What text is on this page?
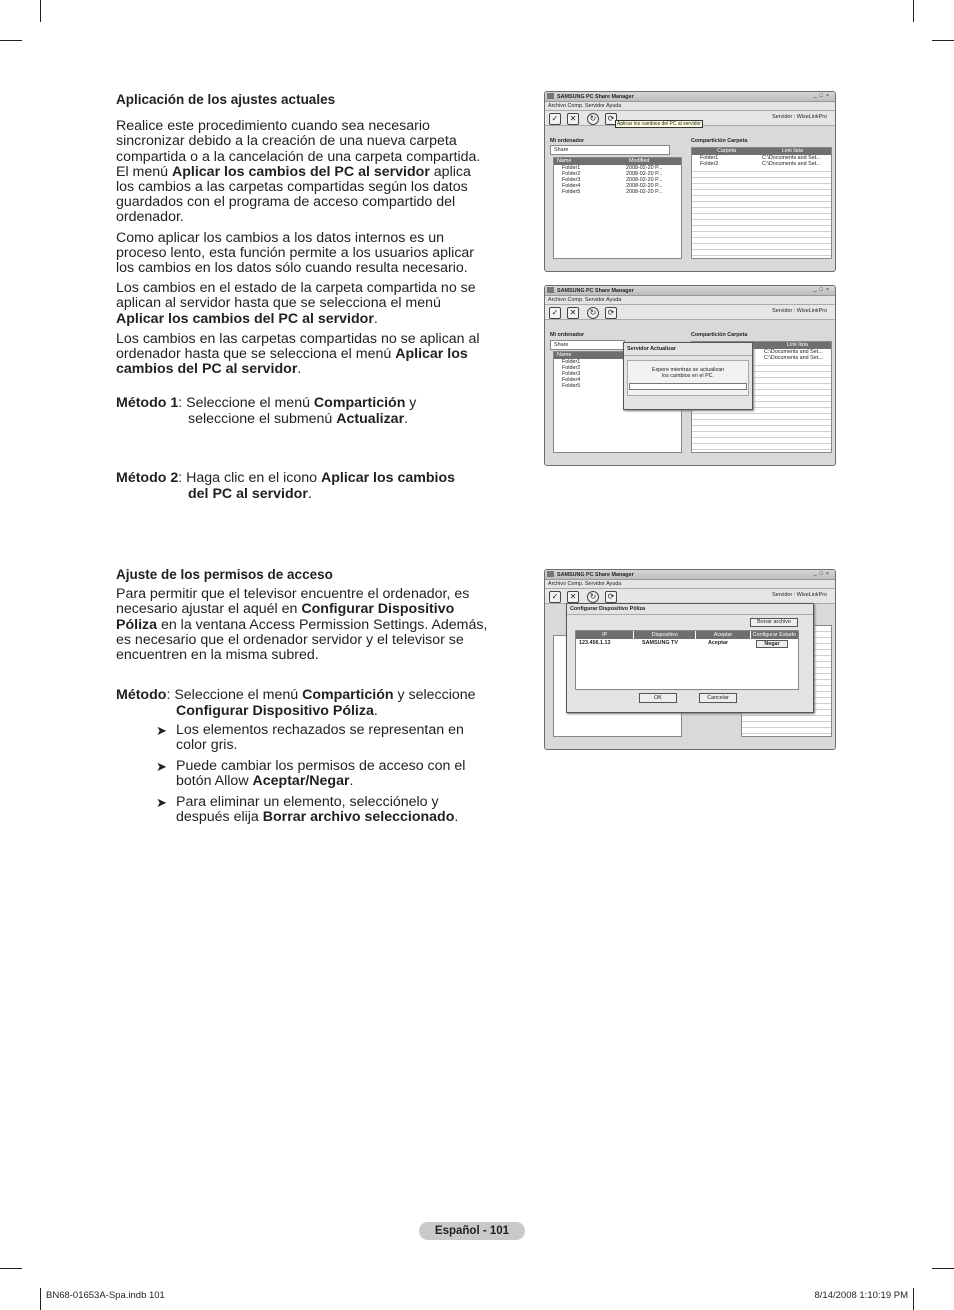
Aplicación de los ajustes actuales

Realice este procedimiento cuando sea necesario sincronizar debido a la creación de una nueva carpeta compartida o a la cancelación de una carpeta compartida. El menú Aplicar los cambios del PC al servidor aplica los cambios a las carpetas compartidas según los datos guardados con el programa de acceso compartido del ordenador.

Como aplicar los cambios a los datos internos es un proceso lento, esta función permite a los usuarios aplicar los cambios en los datos sólo cuando resulta necesario.

Los cambios en el estado de la carpeta compartida no se aplican al servidor hasta que se selecciona el menú Aplicar los cambios del PC al servidor.

Los cambios en las carpetas compartidas no se aplican al ordenador hasta que se selecciona el menú Aplicar los cambios del PC al servidor.

Método 1: Seleccione el menú Compartición y
seleccione el submenú Actualizar.
Método 2: Haga clic en el icono Aplicar los cambios
del PC al servidor.

Ajuste de los permisos de acceso

Para permitir que el televisor encuentre el ordenador, es necesario ajustar el aquél en Configurar Dispositivo Póliza en la ventana Access Permission Settings. Además, es necesario que el ordenador servidor y el televisor se encuentren en la misma subred.

Método: Seleccione el menú Compartición y seleccione
Configurar Dispositivo Póliza.
➤ Los elementos rechazados se representan en color gris.
➤ Puede cambiar los permisos de acceso con el botón Allow Aceptar/Negar.
➤ Para eliminar un elemento, selecciónelo y después elija Borrar archivo seleccionado.
SAMSUNG PC Share Manager	_□×
Archivo Comp. Servidor Ayuda
✓	✕	↻	⟳
Aplicar los cambios del PC al servidor
Servidor : WiseLinkPro
Mi ordenador	Compartición Carpeta
Share
Name	Modified
Folder1	2008-02-20 P...
Folder2	2008-02-20 P...
Folder3	2008-02-20 P...
Folder4	2008-02-20 P...
Folder5	2008-02-20 P...
Carpeta	Link lista
Folder1	C:\Documents and Set...
Folder2	C:\Documents and Set...
SAMSUNG PC Share Manager	_□×
Archivo Comp. Servidor Ayuda
✓	✕	↻	⟳	Servidor : WiseLinkPro
Mi ordenador	Compartición Carpeta
Share
Name
Folder1
Folder2
Folder3
Folder4
Folder5
Link lista
C:\Documents and Set...
C:\Documents and Set...
Servidor Actualizar
Espere mientras se actualizan
los cambios en el PC.
SAMSUNG PC Share Manager	_□×
Archivo Comp. Servidor Ayuda
✓	✕	↻	⟳	Servidor : WiseLinkPro
Configurar Dispositivo Póliza
Borrar archivo
IP	Dispositivo	Aceptar	Configurar Estado
123.456.1.13	SAMSUNG TV	Aceptar	Negar
OK	Cancelar
Español - 101
BN68-01653A-Spa.indb 101	8/14/2008 1:10:19 PM
